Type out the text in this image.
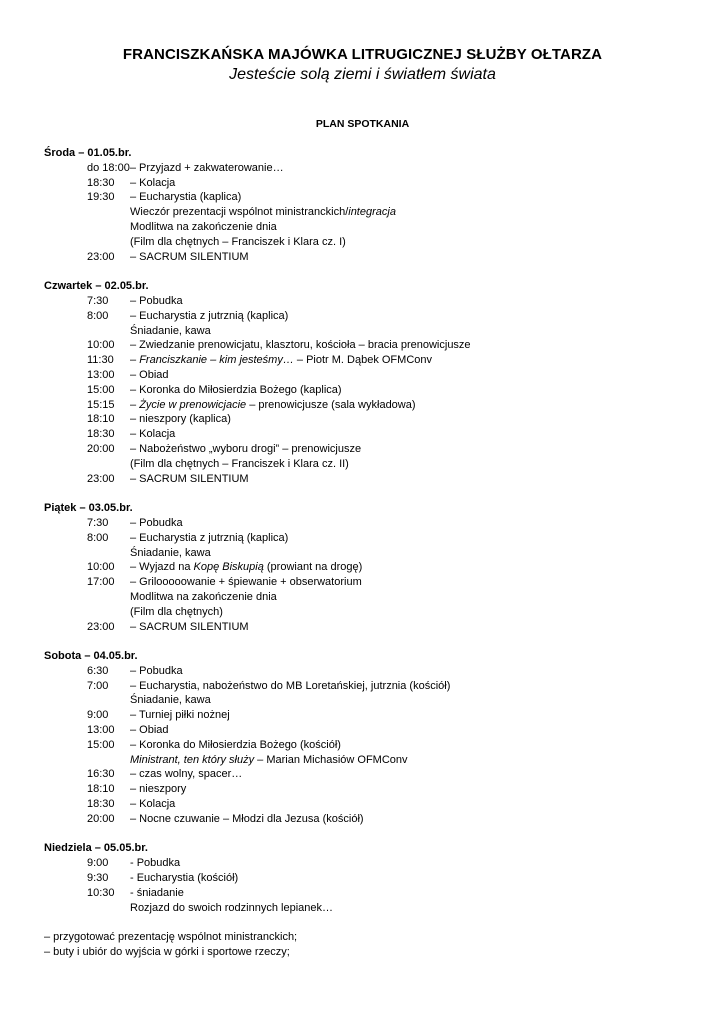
FRANCISZKAŃSKA MAJÓWKA LITRUGICZNEJ SŁUŻBY OŁTARZA
Jesteście solą ziemi i światłem świata
PLAN SPOTKANIA
Środa – 01.05.br.
do 18:00 – Przyjazd + zakwaterowanie…
18:30	– Kolacja
19:30	– Eucharystia (kaplica)
Wieczór prezentacji wspólnot ministranckich/integracja
Modlitwa na zakończenie dnia
(Film dla chętnych – Franciszek i Klara cz. I)
23:00	– SACRUM SILENTIUM
Czwartek – 02.05.br.
7:30	– Pobudka
8:00	– Eucharystia z jutrznią (kaplica)
Śniadanie, kawa
10:00	– Zwiedzanie prenowicjatu, klasztoru, kościoła – bracia prenowicjusze
11:30	– Franciszkanie – kim jesteśmy… – Piotr M. Dąbek OFMConv
13:00	– Obiad
15:00	– Koronka do Miłosierdzia Bożego (kaplica)
15:15	– Życie w prenowicjacie – prenowicjusze (sala wykładowa)
18:10	– nieszpory (kaplica)
18:30	– Kolacja
20:00	– Nabożeństwo „wyboru drogi” – prenowicjusze
(Film dla chętnych – Franciszek i Klara cz. II)
23:00	– SACRUM SILENTIUM
Piątek – 03.05.br.
7:30	– Pobudka
8:00	– Eucharystia z jutrznią (kaplica)
Śniadanie, kawa
10:00	– Wyjazd na Kopę Biskupią (prowiant na drogę)
17:00	– Grilooooowanie + śpiewanie + obserwatorium
Modlitwa na zakończenie dnia
(Film dla chętnych)
23:00	– SACRUM SILENTIUM
Sobota – 04.05.br.
6:30	– Pobudka
7:00	– Eucharystia, nabożeństwo do MB Loretańskiej, jutrznia (kościół)
Śniadanie, kawa
9:00	– Turniej piłki nożnej
13:00	– Obiad
15:00	– Koronka do Miłosierdzia Bożego (kościół)
Ministrant, ten który służy – Marian Michasiów OFMConv
16:30	– czas wolny, spacer…
18:10	– nieszpory
18:30	– Kolacja
20:00	– Nocne czuwanie – Młodzi dla Jezusa (kościół)
Niedziela – 05.05.br.
9:00	- Pobudka
9:30	- Eucharystia (kościół)
10:30	- śniadanie
Rozjazd do swoich rodzinnych lepianek…
– przygotować prezentację wspólnot ministranckich;
– buty i ubiór do wyjścia w górki i sportowe rzeczy;
